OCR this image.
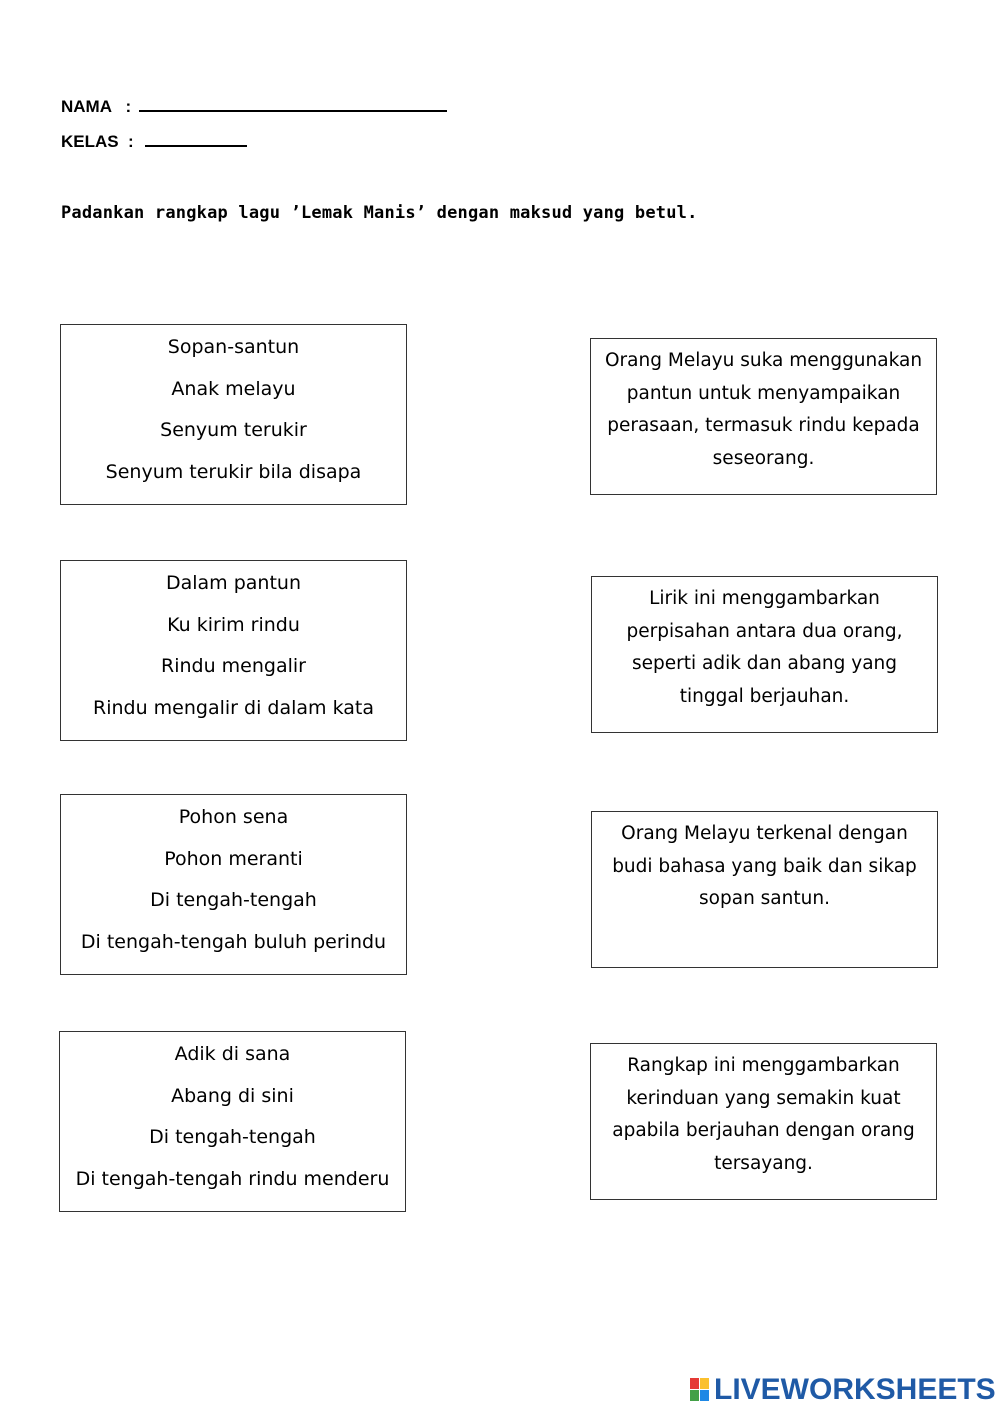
NAMA   :
KELAS  :
Padankan rangkap lagu ’Lemak Manis’ dengan maksud yang betul.
Sopan-santun
Anak melayu
Senyum terukir
Senyum terukir bila disapa
Dalam pantun
Ku kirim rindu
Rindu mengalir
Rindu mengalir di dalam kata
Pohon sena
Pohon meranti
Di tengah-tengah
Di tengah-tengah buluh perindu
Adik di sana
Abang di sini
Di tengah-tengah
Di tengah-tengah rindu menderu
Orang Melayu suka menggunakan
pantun untuk menyampaikan
perasaan, termasuk rindu kepada
seseorang.
Lirik ini menggambarkan
perpisahan antara dua orang,
seperti adik dan abang yang
tinggal berjauhan.
Orang Melayu terkenal dengan
budi bahasa yang baik dan sikap
sopan santun.
Rangkap ini menggambarkan
kerinduan yang semakin kuat
apabila berjauhan dengan orang
tersayang.
LIVEWORKSHEETS
